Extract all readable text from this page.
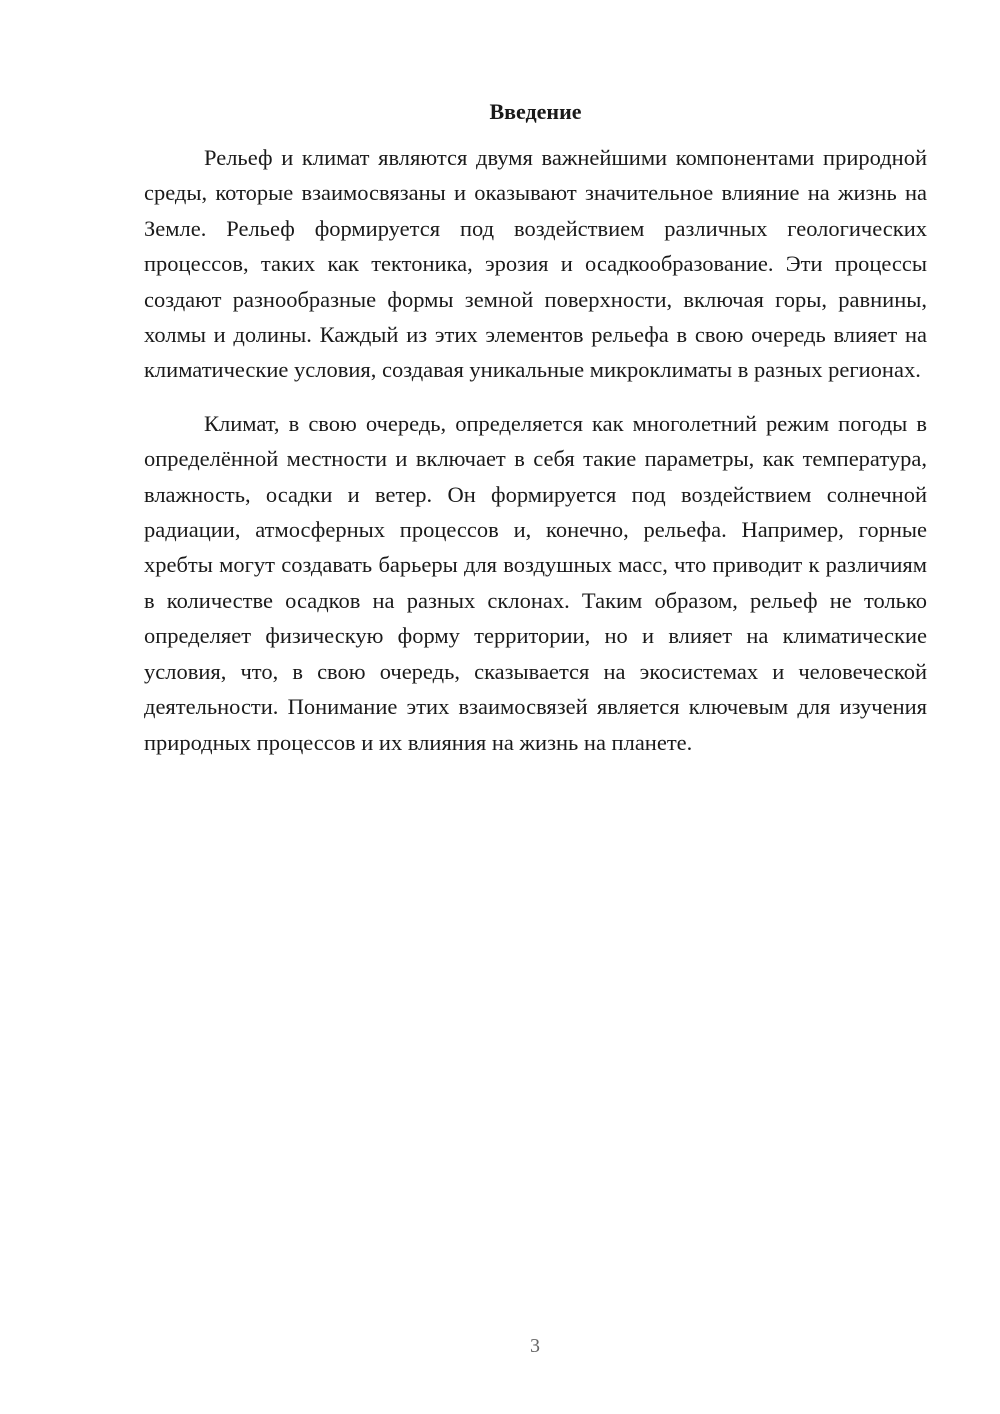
Введение

Рельеф и климат являются двумя важнейшими компонентами природной среды, которые взаимосвязаны и оказывают значительное влияние на жизнь на Земле. Рельеф формируется под воздействием различных геологических процессов, таких как тектоника, эрозия и осадкообразование. Эти процессы создают разнообразные формы земной поверхности, включая горы, равнины, холмы и долины. Каждый из этих элементов рельефа в свою очередь влияет на климатические условия, создавая уникальные микроклиматы в разных регионах.

Климат, в свою очередь, определяется как многолетний режим погоды в определённой местности и включает в себя такие параметры, как температура, влажность, осадки и ветер. Он формируется под воздействием солнечной радиации, атмосферных процессов и, конечно, рельефа. Например, горные хребты могут создавать барьеры для воздушных масс, что приводит к различиям в количестве осадков на разных склонах. Таким образом, рельеф не только определяет физическую форму территории, но и влияет на климатические условия, что, в свою очередь, сказывается на экосистемах и человеческой деятельности. Понимание этих взаимосвязей является ключевым для изучения природных процессов и их влияния на жизнь на планете.

3
